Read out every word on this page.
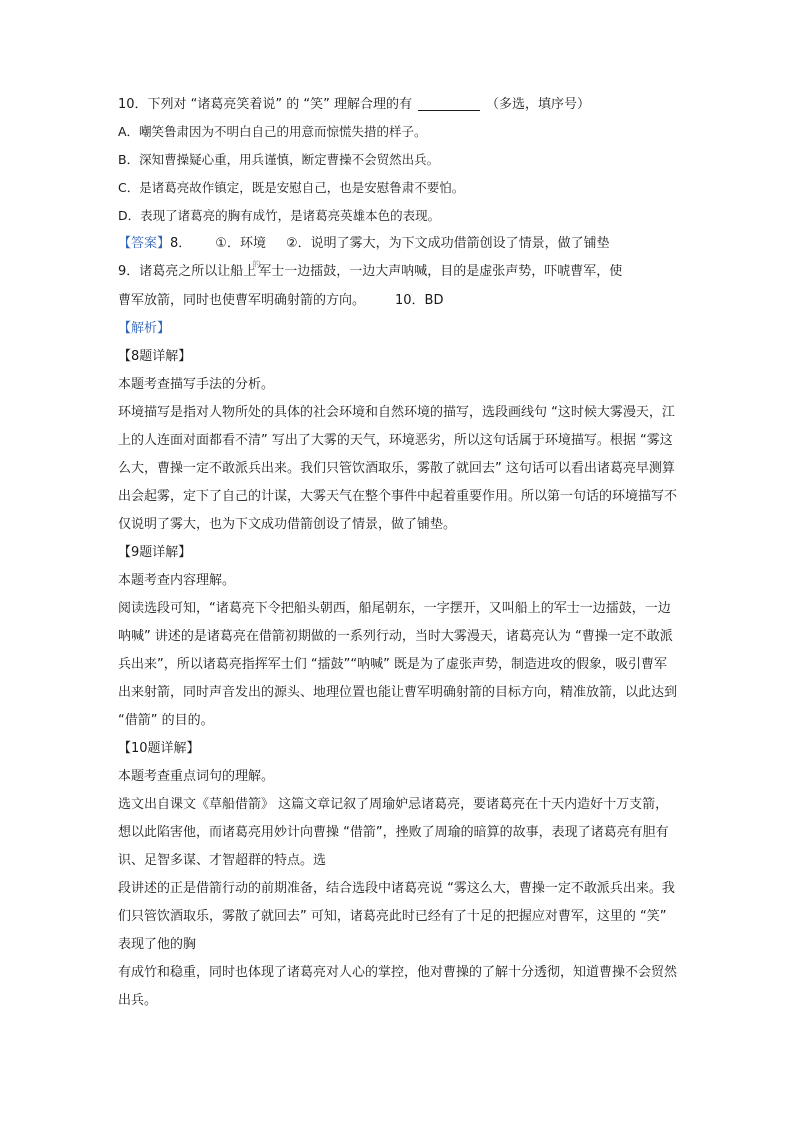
10．下列对 “诸葛亮笑着说” 的 “笑” 理解合理的有	（多选，填序号）
A．嘲笑鲁肃因为不明白自己的用意而惊慌失措的样子。
B．深知曹操疑心重，用兵谨慎，断定曹操不会贸然出兵。
C．是诸葛亮故作镇定，既是安慰自己，也是安慰鲁肃不要怕。
D．表现了诸葛亮的胸有成竹，是诸葛亮英雄本色的表现。
【答案】8． ①．环境 ②．说明了雾大，为下文成功借箭创设了情景，做了铺垫
9．诸葛亮之所以让船上$^的$军士一边擂鼓，一边大声呐喊，目的是虚张声势，吓唬曹军，使
曹军放箭，同时也使曹军明确射箭的方向。 10．BD
【解析】
【8题详解】
本题考查描写手法的分析。
环境描写是指对人物所处的具体的社会环境和自然环境的描写，选段画线句 “这时候大雾漫天，江上的人连面对面都看不清” 写出了大雾的天气，环境恶劣，所以这句话属于环境描写。根据 “雾这么大，曹操一定不敢派兵出来。我们只管饮酒取乐，雾散了就回去” 这句话可以看出诸葛亮早测算出会起雾，定下了自己的计谋，大雾天气在整个事件中起着重要作用。所以第一句话的环境描写不仅说明了雾大，也为下文成功借箭创设了情景，做了铺垫。
【9题详解】
本题考查内容理解。
阅读选段可知，“诸葛亮下令把船头朝西，船尾朝东，一字摆开，又叫船上的军士一边擂鼓，一边呐喊” 讲述的是诸葛亮在借箭初期做的一系列行动，当时大雾漫天，诸葛亮认为 “曹操一定不敢派兵出来”，所以诸葛亮指挥军士们 “擂鼓”“呐喊” 既是为了虚张声势，制造进攻的假象，吸引曹军出来射箭，同时声音发出的源头、地理位置也能让曹军明确射箭的目标方向，精准放箭，以此达到 “借箭” 的目的。
【10题详解】
本题考查重点词句的理解。
选文出自课文《草船借箭》 这篇文章记叙了周瑜妒忌诸葛亮，要诸葛亮在十天内造好十万支箭，想以此陷害他，而诸葛亮用妙计向曹操 “借箭”，挫败了周瑜的暗算的故事，表现了诸葛亮有胆有识、足智多谋、才智超群的特点。选
段讲述的正是借箭行动的前期准备，结合选段中诸葛亮说 “雾这么大，曹操一定不敢派兵出来。我们只管饮酒取乐，雾散了就回去” 可知，诸葛亮此时已经有了十足的把握应对曹军，这里的 “笑” 表现了他的胸
有成竹和稳重，同时也体现了诸葛亮对人心的掌控，他对曹操的了解十分透彻，知道曹操不会贸然出兵。
